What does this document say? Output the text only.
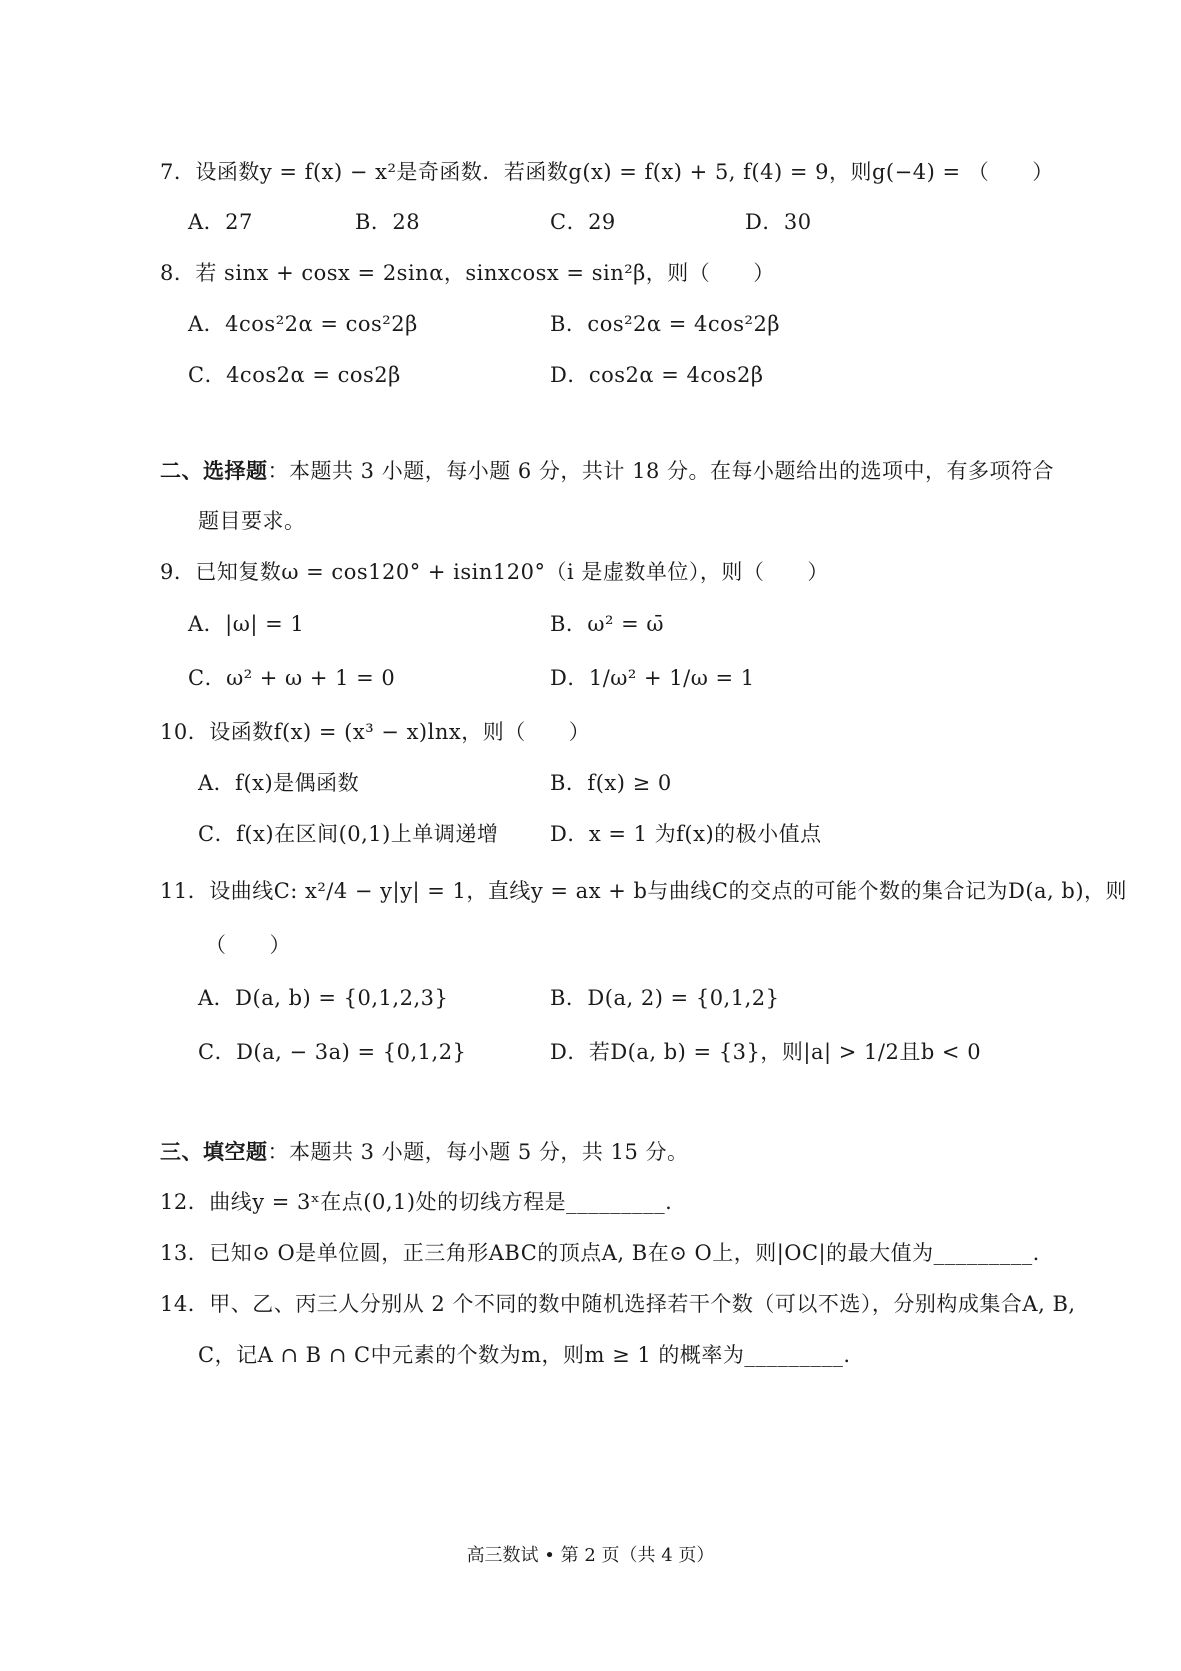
7．设函数y = f(x) − x²是奇函数．若函数g(x) = f(x) + 5, f(4) = 9，则g(−4) = （　　）
A．27	B．28	C．29	D．30
8．若 sinx + cosx = 2sinα，sinxcosx = sin²β，则（　　）
A．4cos²2α = cos²2β	B．cos²2α = 4cos²2β
C．4cos2α = cos2β	D．cos2α = 4cos2β
二、选择题：本题共 3 小题，每小题 6 分，共计 18 分。在每小题给出的选项中，有多项符合
题目要求。
9．已知复数ω = cos120° + isin120°（i 是虚数单位），则（　　）
A．|ω| = 1	B．ω² = ω̄
C．ω² + ω + 1 = 0	D．1/ω² + 1/ω = 1
10．设函数f(x) = (x³ − x)lnx，则（　　）
A．f(x)是偶函数	B．f(x) ≥ 0
C．f(x)在区间(0,1)上单调递增 D．x = 1 为f(x)的极小值点
11．设曲线C: x²/4 − y|y| = 1，直线y = ax + b与曲线C的交点的可能个数的集合记为D(a, b)，则
（　　）
A．D(a, b) = {0,1,2,3}	B．D(a, 2) = {0,1,2}
C．D(a, − 3a) = {0,1,2}	D．若D(a, b) = {3}，则|a| > 1/2且b < 0
三、填空题：本题共 3 小题，每小题 5 分，共 15 分。
12．曲线y = 3ˣ在点(0,1)处的切线方程是_________.
13．已知⊙ O是单位圆，正三角形ABC的顶点A, B在⊙ O上，则|OC|的最大值为_________.
14．甲、乙、丙三人分别从 2 个不同的数中随机选择若干个数（可以不选），分别构成集合A, B,
C，记A ∩ B ∩ C中元素的个数为m，则m ≥ 1 的概率为_________.
高三数试 • 第 2 页（共 4 页）
